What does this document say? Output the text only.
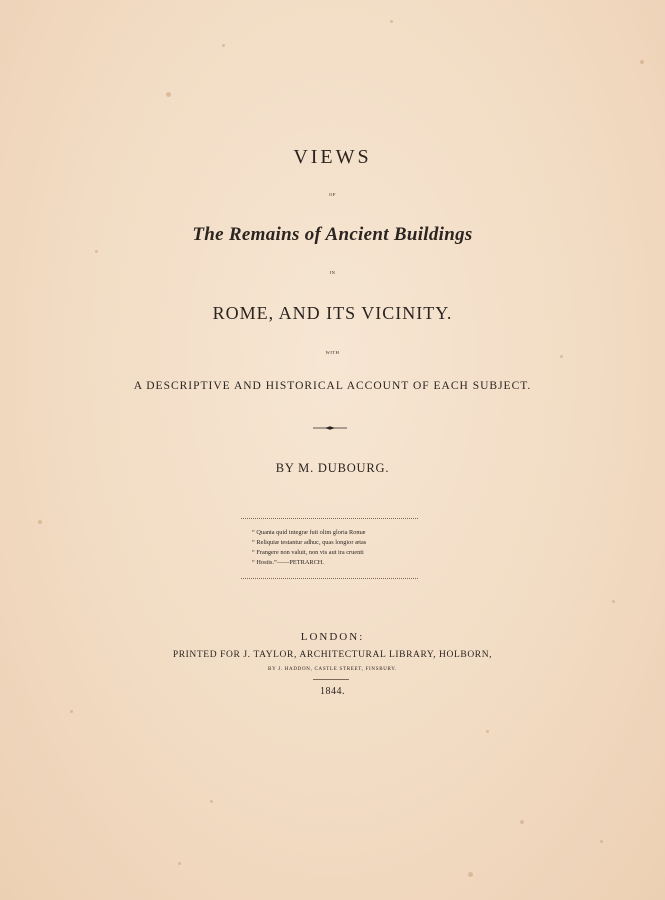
VIEWS
OF
The Remains of Ancient Buildings
IN
ROME, AND ITS VICINITY.
WITH
A DESCRIPTIVE AND HISTORICAL ACCOUNT OF EACH SUBJECT.
BY M. DUBOURG.
“ Quanta quid integræ fuit olim gloria Romæ
“ Reliquiæ testantur adhuc, quas longior ætas
“ Frangere non valuit, non vis aut ira cruenti
“ Hostis.”——PETRARCH.
LONDON:
PRINTED FOR J. TAYLOR, ARCHITECTURAL LIBRARY, HOLBORN,
BY J. HADDON, CASTLE STREET, FINSBURY.
1844.
